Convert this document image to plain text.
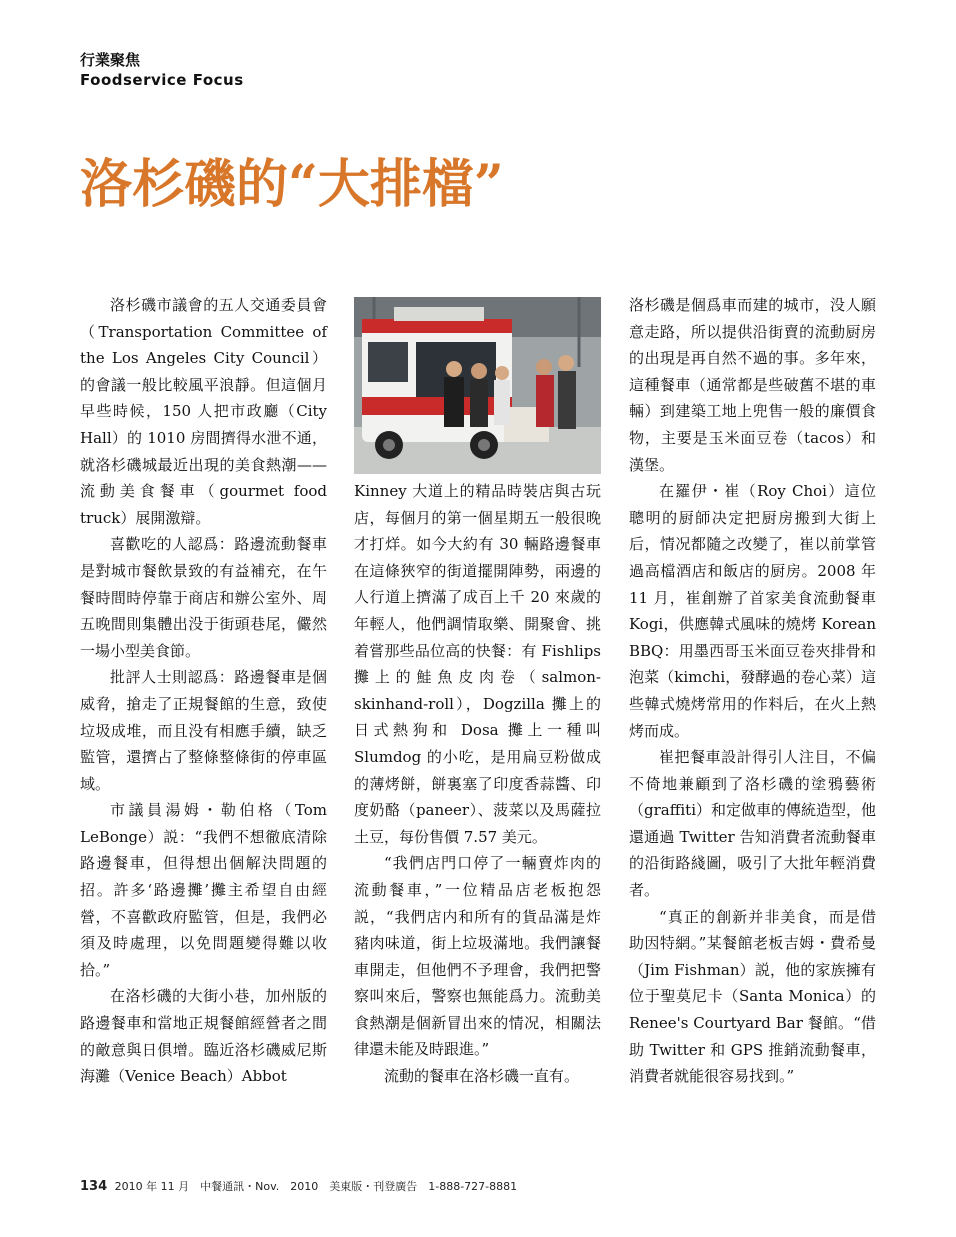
行業聚焦
Foodservice Focus
洛杉磯的“大排檔”

洛杉磯市議會的五人交通委員會（Transportation Committee of the Los Angeles City Council）的會議一般比較風平浪靜。但這個月早些時候，150 人把市政廳（City Hall）的 1010 房間擠得水泄不通，就洛杉磯城最近出現的美食熱潮——流動美食餐車（gourmet food truck）展開激辯。

喜歡吃的人認爲：路邊流動餐車是對城市餐飲景致的有益補充，在午餐時間時停靠于商店和辦公室外、周五晚間則集體出没于街頭巷尾，儼然一場小型美食節。

批評人士則認爲：路邊餐車是個威脅，搶走了正規餐館的生意，致使垃圾成堆，而且没有相應手續，缺乏監管，還擠占了整條整條街的停車區域。

市議員湯姆・勒伯格（Tom LeBonge）説：“我們不想徹底清除路邊餐車，但得想出個解決問題的招。許多‘路邊攤’攤主希望自由經營，不喜歡政府監管，但是，我們必須及時處理，以免問題變得難以收拾。”

在洛杉磯的大街小巷，加州版的路邊餐車和當地正規餐館經營者之間的敵意與日俱增。臨近洛杉磯威尼斯海灘（Venice Beach）Abbot

Kinney 大道上的精品時裝店與古玩店，每個月的第一個星期五一般很晚才打烊。如今大約有 30 輛路邊餐車在這條狹窄的街道擺開陣勢，兩邊的人行道上擠滿了成百上千 20 來歲的年輕人，他們調情取樂、開聚會、挑着嘗那些品位高的快餐：有 Fishlips 攤上的鮭魚皮肉卷（salmon-skinhand-roll），Dogzilla 攤上的日式熱狗和 Dosa 攤上一種叫 Slumdog 的小吃，是用扁豆粉做成的薄烤餅，餅裏塞了印度香蒜醬、印度奶酪（paneer）、菠菜以及馬薩拉土豆，每份售價 7.57 美元。

“我們店門口停了一輛賣炸肉的流動餐車，”一位精品店老板抱怨説，“我們店内和所有的貨品滿是炸豬肉味道，街上垃圾滿地。我們讓餐車開走，但他們不予理會，我們把警察叫來后，警察也無能爲力。流動美食熱潮是個新冒出來的情况，相關法律還未能及時跟進。”

流動的餐車在洛杉磯一直有。

洛杉磯是個爲車而建的城市，没人願意走路，所以提供沿街賣的流動厨房的出現是再自然不過的事。多年來，這種餐車（通常都是些破舊不堪的車輛）到建築工地上兜售一般的廉價食物，主要是玉米面豆卷（tacos）和漢堡。

在羅伊・崔（Roy Choi）這位聰明的厨師决定把厨房搬到大街上后，情况都隨之改變了，崔以前掌管過高檔酒店和飯店的厨房。2008 年 11 月，崔創辦了首家美食流動餐車 Kogi，供應韓式風味的燒烤 Korean BBQ：用墨西哥玉米面豆卷夾排骨和泡菜（kimchi，發酵過的卷心菜）這些韓式燒烤常用的作料后，在火上熱烤而成。

崔把餐車設計得引人注目，不偏不倚地兼顧到了洛杉磯的塗鴉藝術（graffiti）和定做車的傳統造型，他還通過 Twitter 告知消費者流動餐車的沿街路綫圖，吸引了大批年輕消費者。

“真正的創新并非美食，而是借助因特網。”某餐館老板吉姆・費希曼（Jim Fishman）説，他的家族擁有位于聖莫尼卡（Santa Monica）的 Renee's Courtyard Bar 餐館。“借助 Twitter 和 GPS 推銷流動餐車，消費者就能很容易找到。”

134 2010 年 11 月　中餐通訊・Nov.　2010　美東版・刊登廣告　1-888-727-8881
